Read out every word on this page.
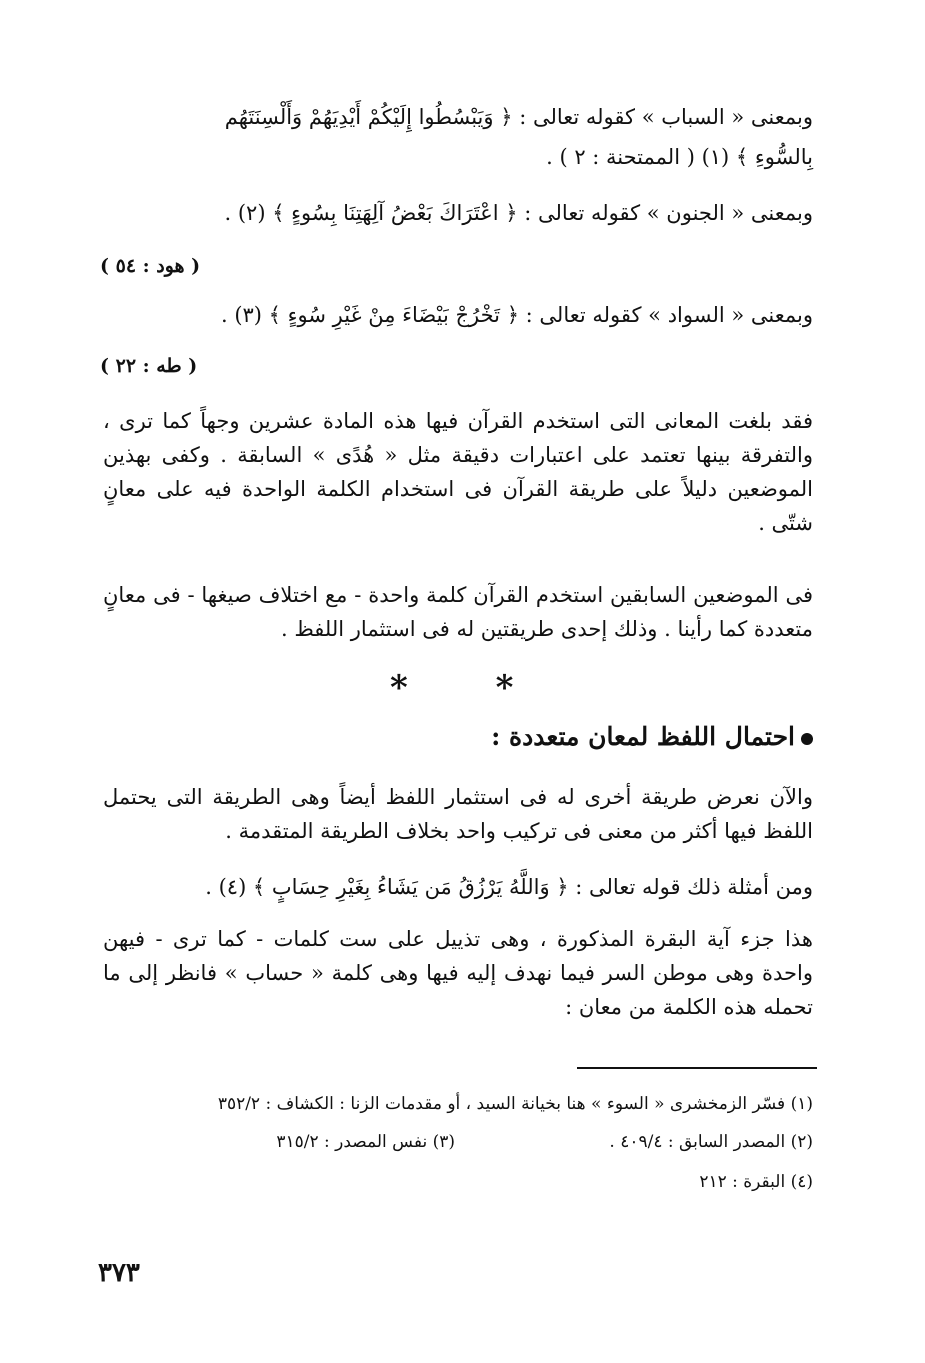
وبمعنى « السباب » كقوله تعالى : ﴿ وَيَبْسُطُوا إِلَيْكُمْ أَيْدِيَهُمْ وَأَلْسِنَتَهُم
بِالسُّوءِ ﴾ (١) ( الممتحنة : ٢ ) .
وبمعنى « الجنون » كقوله تعالى : ﴿ اعْتَرَاكَ بَعْضُ آلِهَتِنَا بِسُوءٍ ﴾ (٢) .
( هود : ٥٤ )
وبمعنى « السواد » كقوله تعالى : ﴿ تَخْرُجْ بَيْضَاءَ مِنْ غَيْرِ سُوءٍ ﴾ (٣) .
( طه : ٢٢ )
فقد بلغت المعانى التى استخدم القرآن فيها هذه المادة عشرين وجهاً كما ترى ، والتفرقة بينها تعتمد على اعتبارات دقيقة مثل « هُدًى » السابقة . وكفى بهذين الموضعين دليلاً على طريقة القرآن فى استخدام الكلمة الواحدة فيه على معانٍ شتّى .
فى الموضعين السابقين استخدم القرآن كلمة واحدة - مع اختلاف صيغها - فى معانٍ متعددة كما رأينا . وذلك إحدى طريقتين له فى استثمار اللفظ .
* *
احتمال اللفظ لمعان متعددة :
والآن نعرض طريقة أخرى له فى استثمار اللفظ أيضاً وهى الطريقة التى يحتمل اللفظ فيها أكثر من معنى فى تركيب واحد بخلاف الطريقة المتقدمة .
ومن أمثلة ذلك قوله تعالى : ﴿ وَاللَّهُ يَرْزُقُ مَن يَشَاءُ بِغَيْرِ حِسَابٍ ﴾ (٤) .
هذا جزء آية البقرة المذكورة ، وهى تذييل على ست كلمات - كما ترى - فيهن واحدة وهى موطن السر فيما نهدف إليه فيها وهى كلمة « حساب » فانظر إلى ما تحمله هذه الكلمة من معان :
(١) فسّر الزمخشرى « السوء » هنا بخيانة السيد ، أو مقدمات الزنا : الكشاف : ٣٥٢/٢
(٢) المصدر السابق : ٤٠٩/٤ .
(٣) نفس المصدر : ٣١٥/٢
(٤) البقرة : ٢١٢
٣٧٣
